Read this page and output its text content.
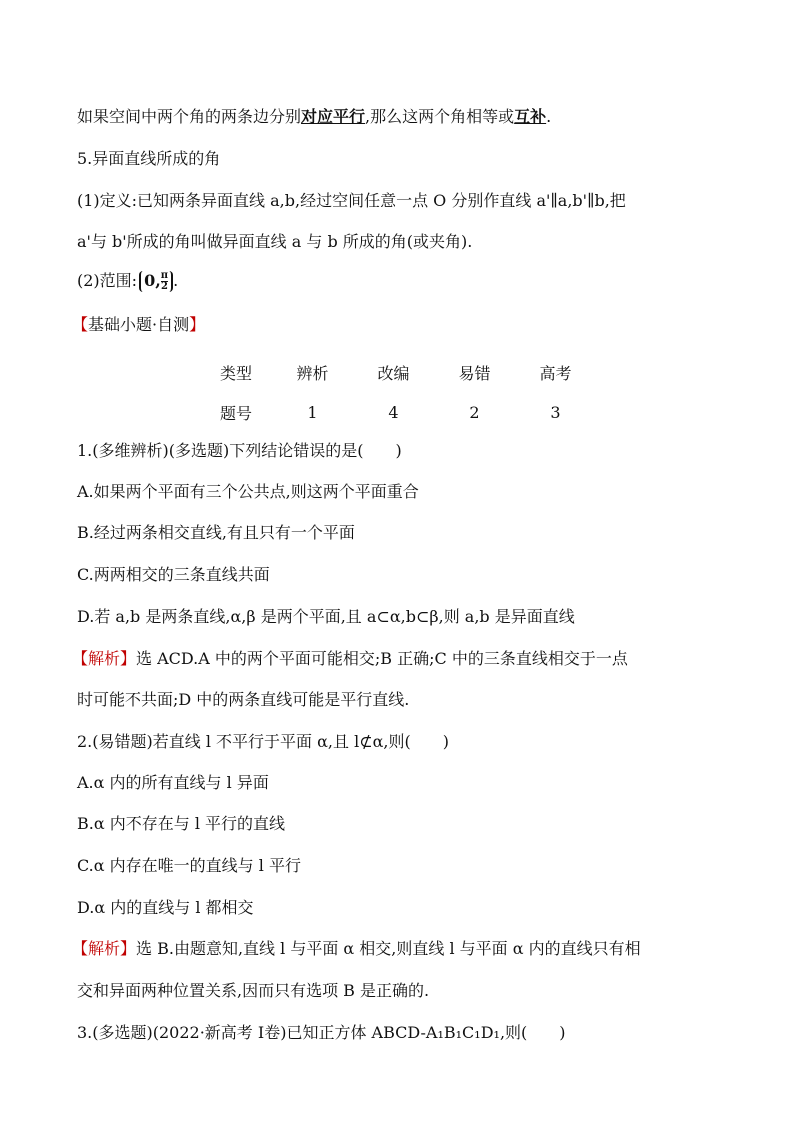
如果空间中两个角的两条边分别对应平行,那么这两个角相等或互补.
5.异面直线所成的角
(1)定义:已知两条异面直线 a,b,经过空间任意一点 O 分别作直线 a'∥a,b'∥b,把
a'与 b'所成的角叫做异面直线 a 与 b 所成的角(或夹角).
(2)范围: 0, $\frac{\pi}{2}$ .
【基础小题·自测】
类型	辨析	改编	易错	高考
题号	1	4	2	3
1.(多维辨析)(多选题)下列结论错误的是(　　)
A.如果两个平面有三个公共点,则这两个平面重合
B.经过两条相交直线,有且只有一个平面
C.两两相交的三条直线共面
D.若 a,b 是两条直线,α,β 是两个平面,且 a⊂α,b⊂β,则 a,b 是异面直线
【解析】选 ACD.A 中的两个平面可能相交;B 正确;C 中的三条直线相交于一点
时可能不共面;D 中的两条直线可能是平行直线.
2.(易错题)若直线 l 不平行于平面 α,且 l⊄α,则(　　)
A.α 内的所有直线与 l 异面
B.α 内不存在与 l 平行的直线
C.α 内存在唯一的直线与 l 平行
D.α 内的直线与 l 都相交
【解析】选 B.由题意知,直线 l 与平面 α 相交,则直线 l 与平面 α 内的直线只有相
交和异面两种位置关系,因而只有选项 B 是正确的.
3.(多选题)(2022·新高考 Ⅰ卷)已知正方体 ABCD-A₁B₁C₁D₁,则(　　)
